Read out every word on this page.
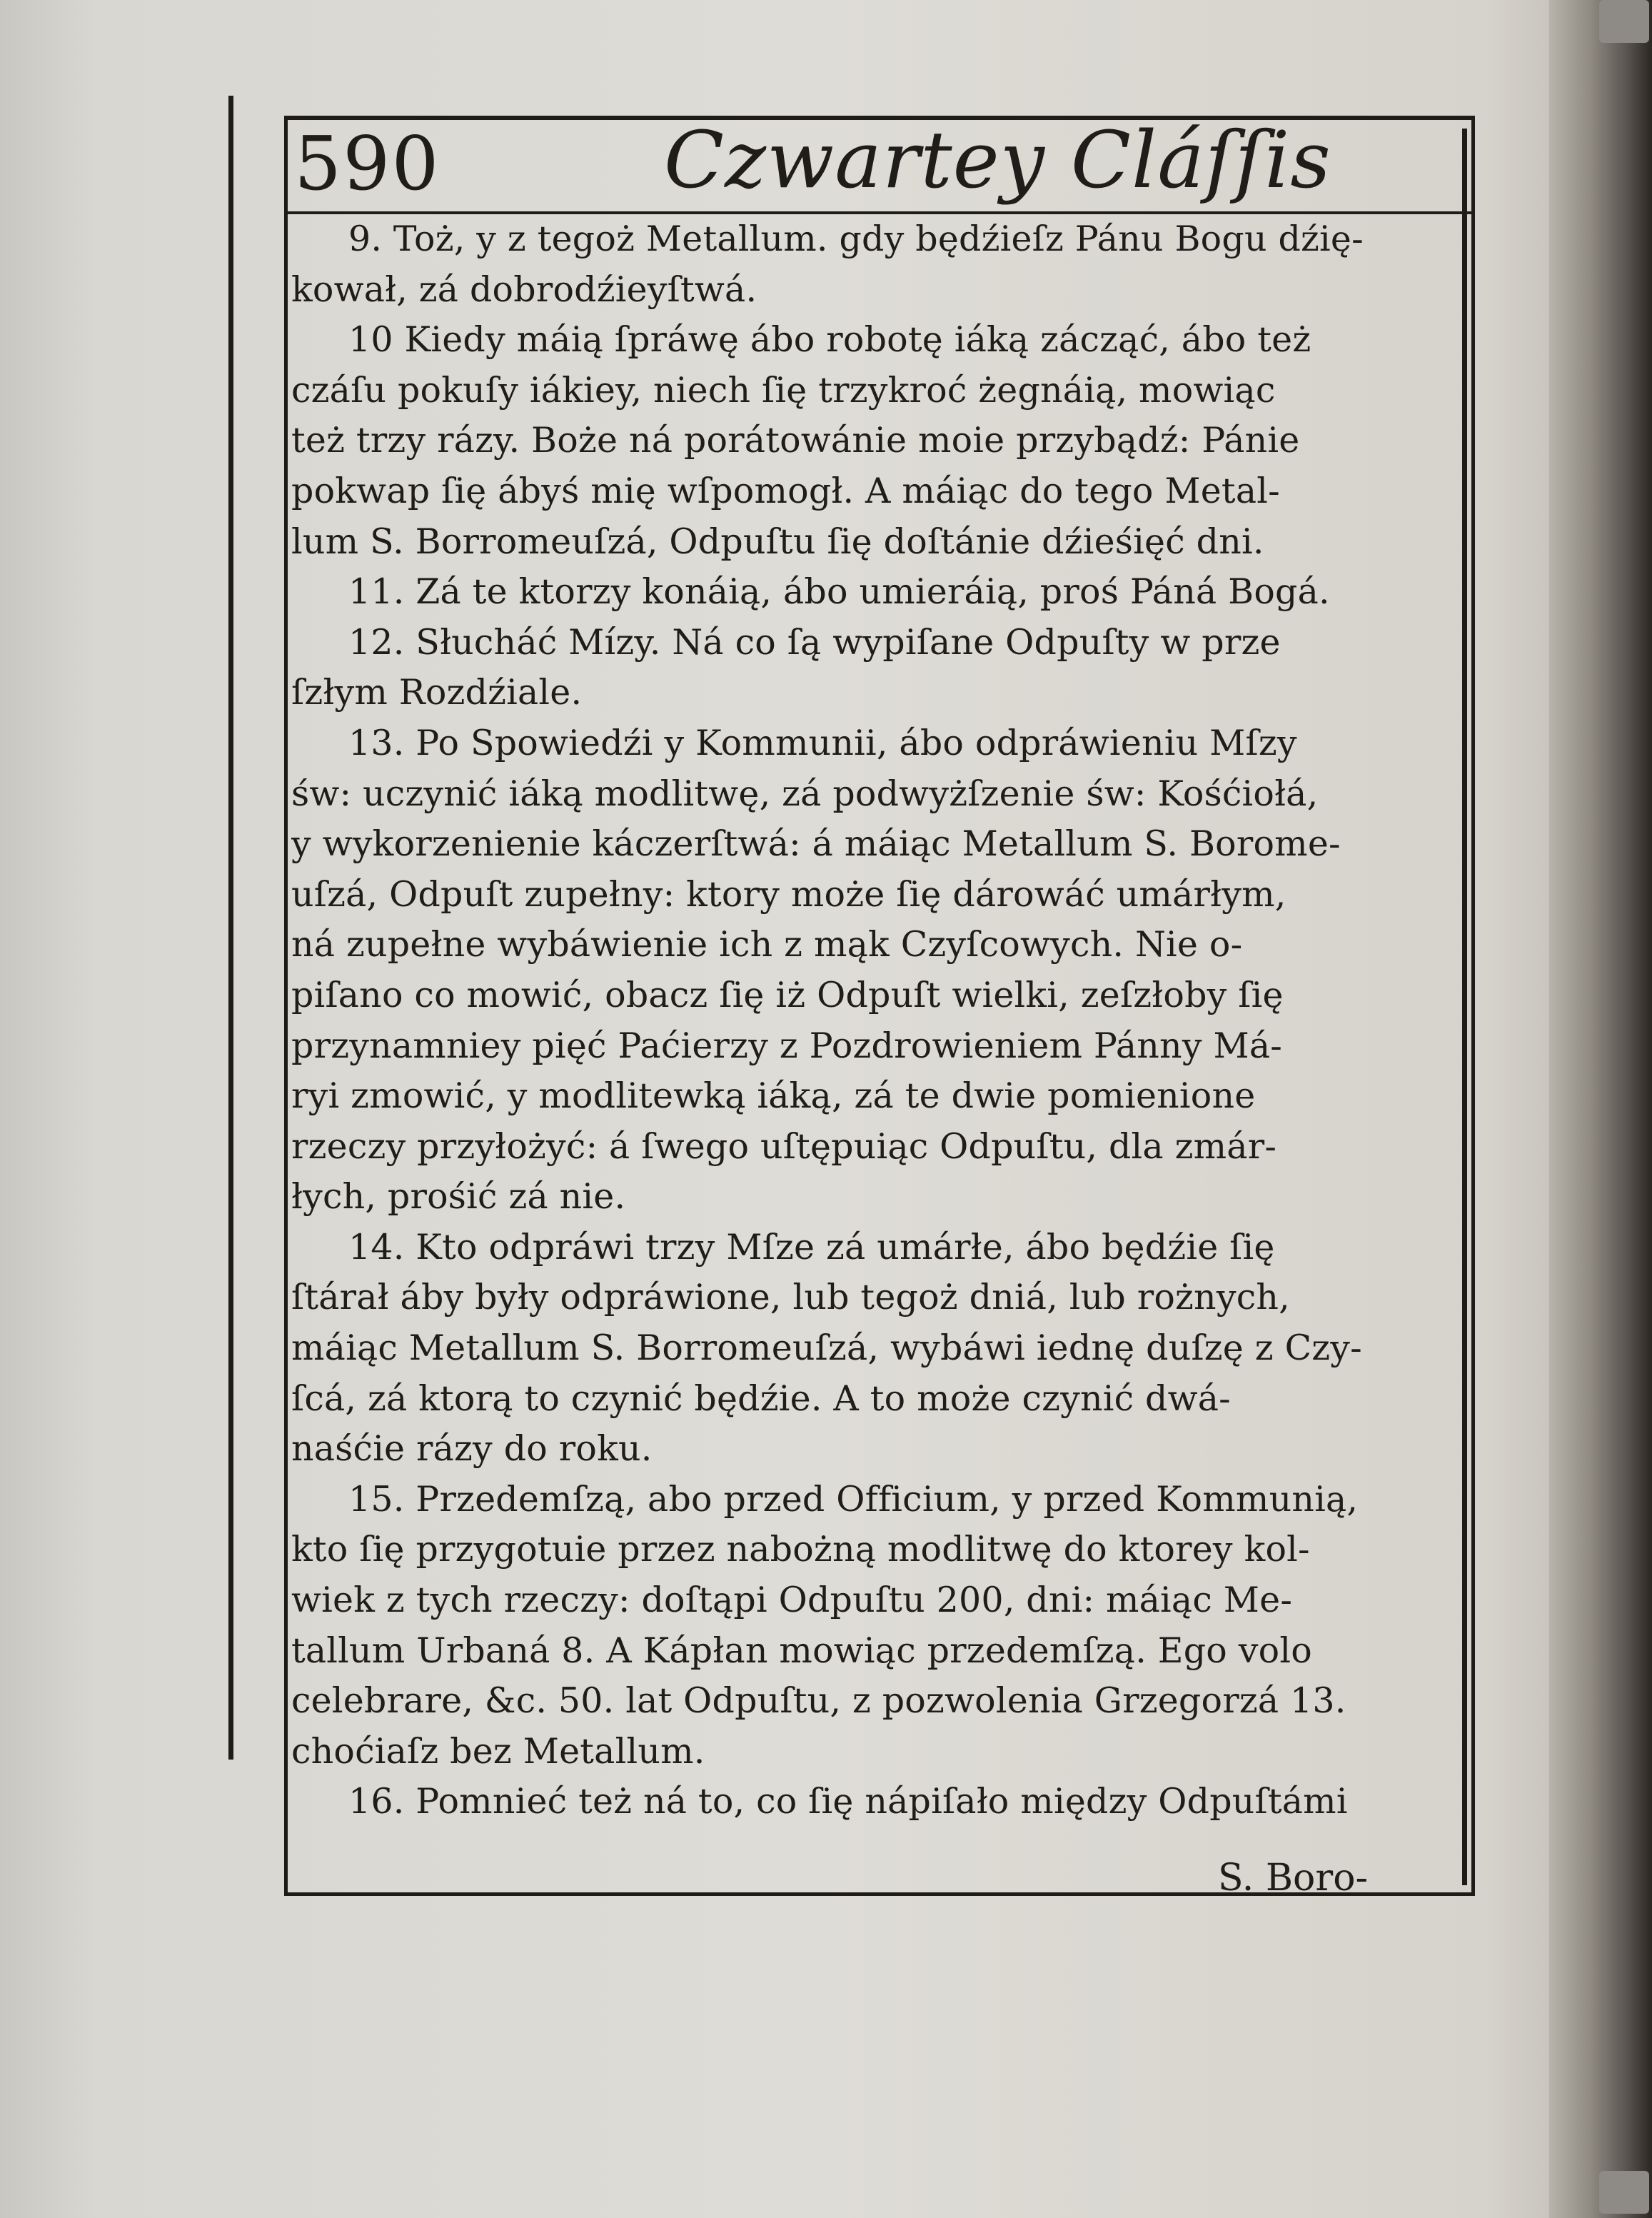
590	Czwartey Cláſſis
9. Toż, y z tegoż Metallum. gdy będźieſz Pánu Bogu dźię-
kował, zá dobrodźieyſtwá.
10 Kiedy máią ſpráwę ábo robotę iáką zácząć, ábo też
czáſu pokuſy iákiey, niech ſię trzykroć żegnáią, mowiąc
też trzy rázy. Boże ná porátowánie moie przybądź: Pánie
pokwap ſię ábyś mię wſpomogł. A máiąc do tego Metal-
lum S. Borromeuſzá, Odpuſtu ſię doſtánie dźieśięć dni.
11. Zá te ktorzy konáią, ábo umieráią, proś Páná Bogá.
12. Słucháć Mízy. Ná co ſą wypiſane Odpuſty w prze
ſzłym Rozdźiale.
13. Po Spowiedźi y Kommunii, ábo odpráwieniu Mſzy
św: uczynić iáką modlitwę, zá podwyżſzenie św: Kośćiołá,
y wykorzenienie káczerſtwá: á máiąc Metallum S. Borome-
uſzá, Odpuſt zupełny: ktory może ſię dárowáć umárłym,
ná zupełne wybáwienie ich z mąk Czyſcowych. Nie o-
piſano co mowić, obacz ſię iż Odpuſt wielki, zeſzłoby ſię
przynamniey pięć Paćierzy z Pozdrowieniem Pánny Má-
ryi zmowić, y modlitewką iáką, zá te dwie pomienione
rzeczy przyłożyć: á ſwego uſtępuiąc Odpuſtu, dla zmár-
łych, prośić zá nie.
14. Kto odpráwi trzy Mſze zá umárłe, ábo będźie ſię
ſtárał áby były odpráwione, lub tegoż dniá, lub rożnych,
máiąc Metallum S. Borromeuſzá, wybáwi iednę duſzę z Czy-
ſcá, zá ktorą to czynić będźie. A to może czynić dwá-
naśćie rázy do roku.
15. Przedemſzą, abo przed Officium, y przed Kommunią,
kto ſię przygotuie przez nabożną modlitwę do ktorey kol-
wiek z tych rzeczy: doſtąpi Odpuſtu 200, dni: máiąc Me-
tallum Urbaná 8. A Kápłan mowiąc przedemſzą. Ego volo
celebrare, &c. 50. lat Odpuſtu, z pozwolenia Grzegorzá 13.
choćiaſz bez Metallum.
16. Pomnieć też ná to, co ſię nápiſało między Odpuſtámi
S. Boro-
